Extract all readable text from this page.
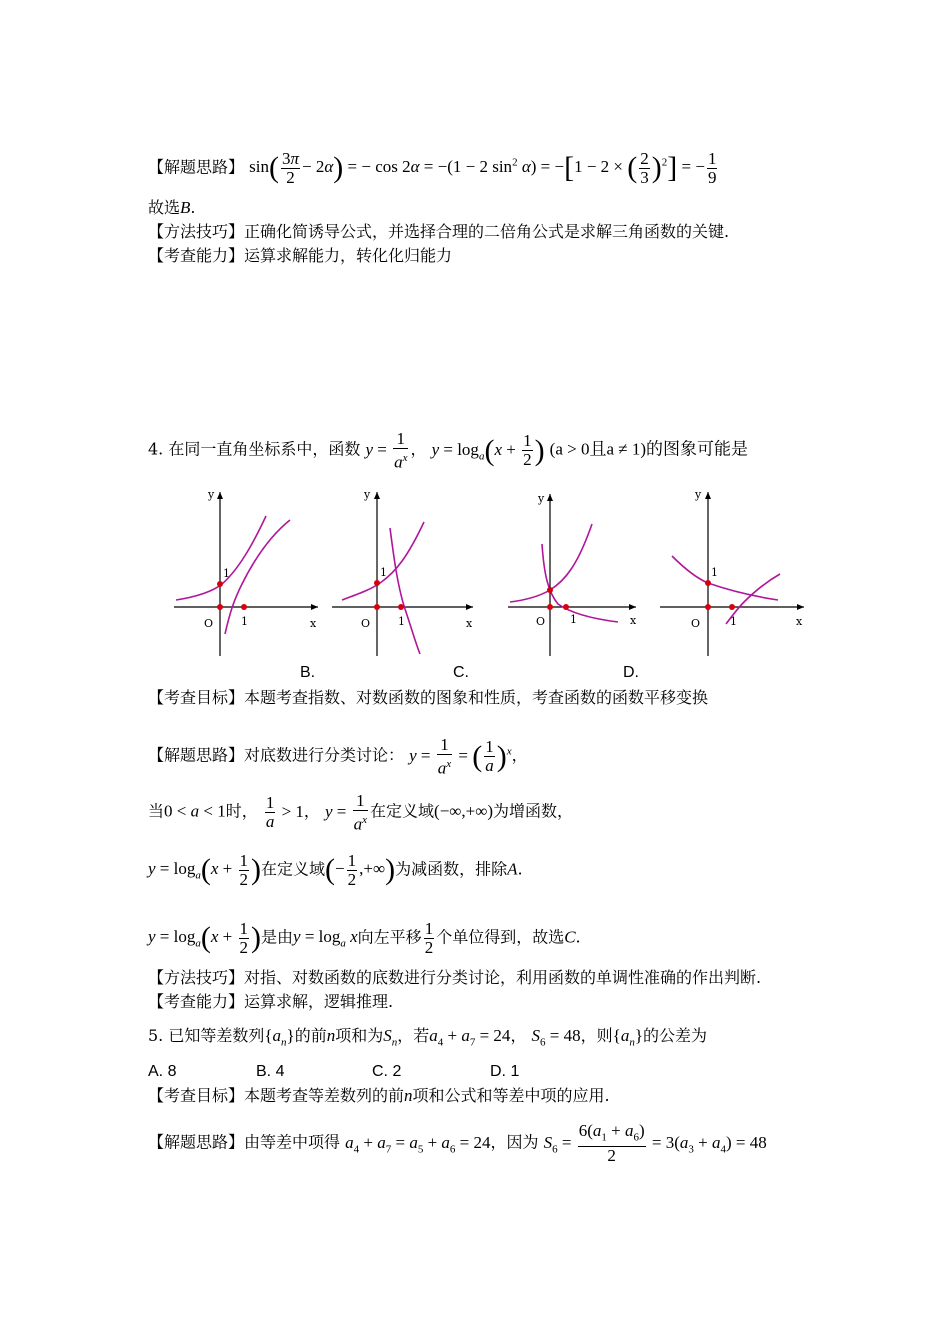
【解题思路】 $\sin( \frac{3\pi}{2} - 2\alpha)$ = − cos 2α = −(1 − 2 $\sin^2 \alpha) = -[1 - 2$ × ( $\frac{2}{3} )^2$] = − $\frac{1}{9}$
故选B.
【方法技巧】正确化简诱导公式，并选择合理的二倍角公式是求解三角函数的关键.
【考查能力】运算求解能力，转化化归能力
4. 在同一直角坐标系中，函数 $y = \frac{1}{a^x}$ ， $y = \log_a(x + \frac{1}{2}$ ) (a > 0且a ≠ 1)的图象可能是
y
x
O	1
1
y
x
O	1
1
y
x
O 1
y
x
O	1
1
B.	C.	D.
【考查目标】本题考查指数、对数函数的图象和性质，考查函数的函数平移变换
【解题思路】对底数进行分类讨论： $y = \frac{1}{a^x}$ = ( $\frac{1}{a} )^x$，
当0 < a < 1时， $\frac{1}{a} > 1$， $y = \frac{1}{a^x}$ 在定义域(−∞,+∞)为增函数，
$y = \log_a(x + \frac{1}{2}$ )在定义域(− $\frac{1}{2}$ ,+∞)为减函数，排除A.
$y = \log_a(x + \frac{1}{2}$ )是由$y = \log_a x$向左平移 $\frac{1}{2}$ 个单位得到，故选C.
【方法技巧】对指、对数函数的底数进行分类讨论，利用函数的单调性准确的作出判断.
【考查能力】运算求解，逻辑推理.
5. 已知等差数列$\{a_n\}$的前n项和为$S_n$，若$a_4 + a_7 = 24$， $S_6 = 48$，则$\{a_n\}$的公差为
A. 8	B. 4	C. 2	D. 1
【考查目标】本题考查等差数列的前n项和公式和等差中项的应用.
【解题思路】由等差中项得 $a_4 + a_7 = a_5 + a_6 = 24$，因为 $S_6 = \frac{6(a_1 + a_6)}{2} = 3(a_3 + a_4) = 48$
